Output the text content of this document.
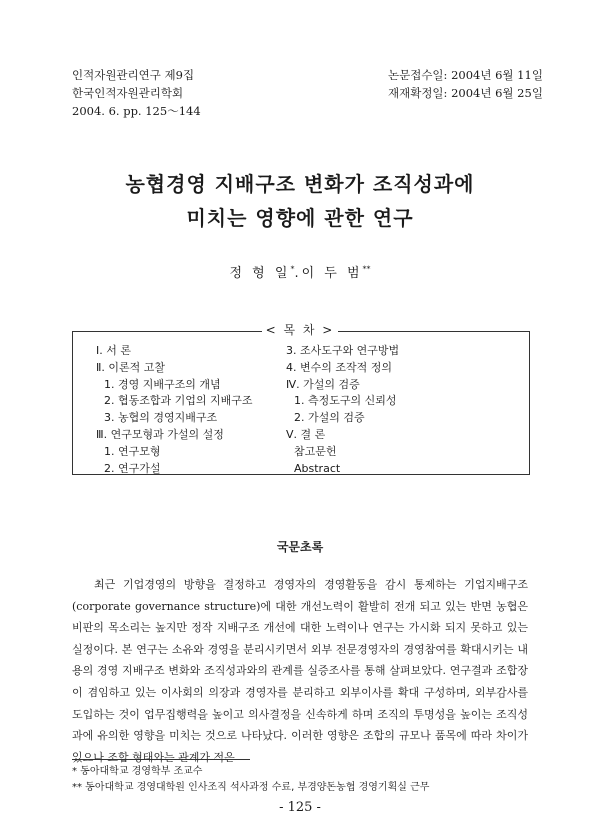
인적자원관리연구 제9집
한국인적자원관리학회
2004. 6. pp. 125～144
논문접수일: 2004년 6월 11일
재재확정일: 2004년 6월 25일
농협경영 지배구조 변화가 조직성과에
미치는 영향에 관한 연구
정 형 일*.이 두 범**
< 목 차 >
Ⅰ. 서 론
Ⅱ. 이론적 고찰
1. 경영 지배구조의 개념
2. 협동조합과 기업의 지배구조
3. 농협의 경영지배구조
Ⅲ. 연구모형과 가설의 설정
1. 연구모형
2. 연구가설
3. 조사도구와 연구방법
4. 변수의 조작적 정의
Ⅳ. 가설의 검증
1. 측정도구의 신뢰성
2. 가설의 검증
Ⅴ. 결 론
참고문헌
Abstract
국문초록

최근 기업경영의 방향을 결정하고 경영자의 경영활동을 감시 통제하는 기업지배구조(corporate governance structure)에 대한 개선노력이 활발히 전개 되고 있는 반면 농협은 비판의 목소리는 높지만 정작 지배구조 개선에 대한 노력이나 연구는 가시화 되지 못하고 있는 실정이다. 본 연구는 소유와 경영을 분리시키면서 외부 전문경영자의 경영참여를 확대시키는 내용의 경영 지배구조 변화와 조직성과와의 관계를 실증조사를 통해 살펴보았다. 연구결과 조합장이 겸임하고 있는 이사회의 의장과 경영자를 분리하고 외부이사를 확대 구성하며, 외부감사를 도입하는 것이 업무집행력을 높이고 의사결정을 신속하게 하며 조직의 투명성을 높이는 조직성과에 유의한 영향을 미치는 것으로 나타났다. 이러한 영향은 조합의 규모나 품목에 따라 차이가 있으나 조합 형태와는 관계가 적은

* 동아대학교 경영학부 조교수
** 동아대학교 경영대학원 인사조직 석사과정 수료, 부경양돈농협 경영기획실 근무
- 125 -
